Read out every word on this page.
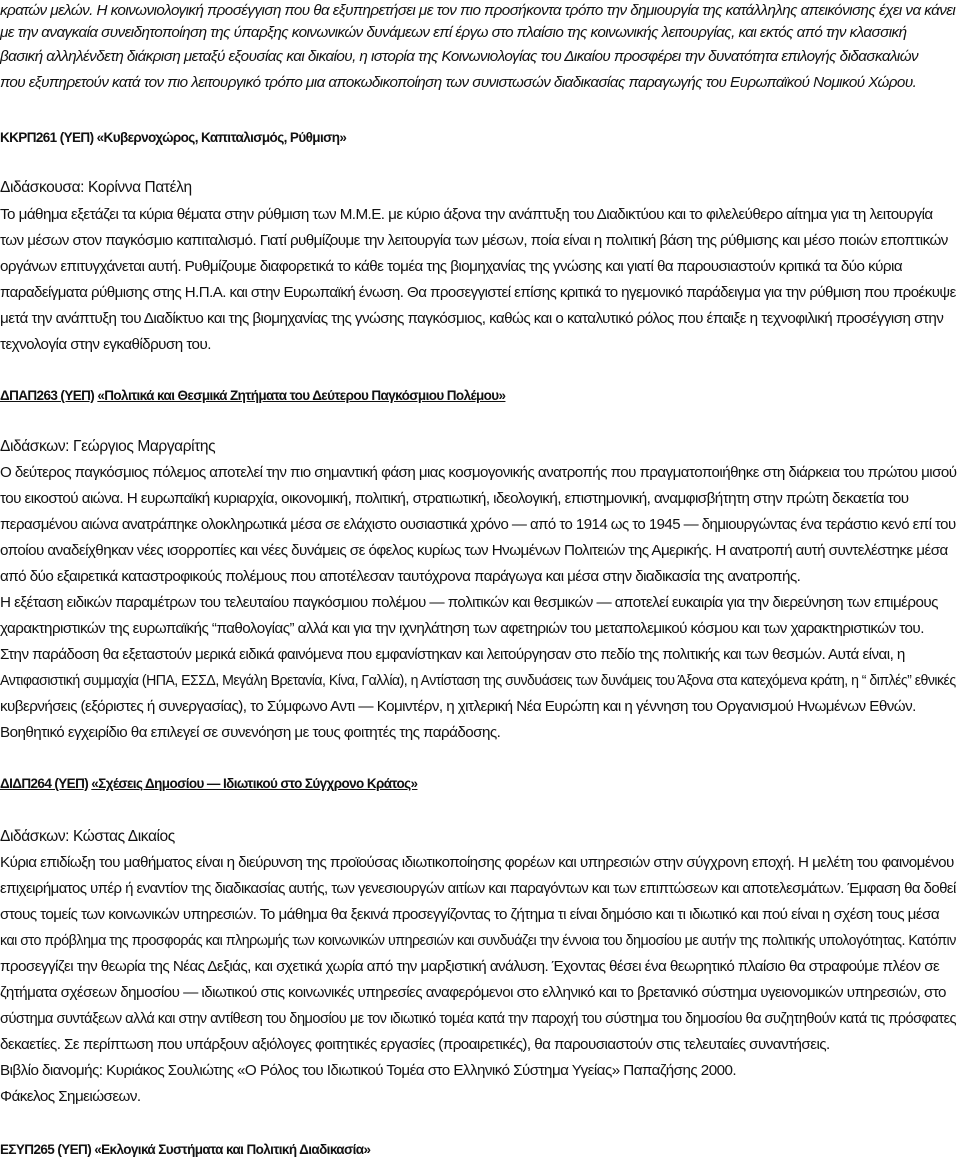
κρατών μελών. Η κοινωνιολογική προσέγγιση που θα εξυπηρετήσει με τον πιο προσήκοντα τρόπο την δημιουργία της κατάλληλης απεικόνισης έχει να κάνει
με την αναγκαία συνειδητοποίηση της ύπαρξης κοινωνικών δυνάμεων επί έργω στο πλαίσιο της κοινωνικής λειτουργίας, και εκτός από την κλασσική
βασική αλληλένδετη διάκριση μεταξύ εξουσίας και δικαίου, η ιστορία της Κοινωνιολογίας του Δικαίου προσφέρει την δυνατότητα επιλογής διδασκαλιών
που εξυπηρετούν κατά τον πιο λειτουργικό τρόπο μια αποκωδικοποίηση των συνιστωσών διαδικασίας παραγωγής του Ευρωπαϊκού Νομικού Χώρου.
ΚΚΡΠ261 (ΥΕΠ) «Κυβερνοχώρος, Καπιταλισμός, Ρύθμιση»
Διδάσκουσα: Κορίννα Πατέλη
Το μάθημα εξετάζει τα κύρια θέματα στην ρύθμιση των Μ.Μ.Ε. με κύριο άξονα την ανάπτυξη του Διαδικτύου και το φιλελεύθερο αίτημα για τη λειτουργία
των μέσων στον παγκόσμιο καπιταλισμό. Γιατί ρυθμίζουμε την λειτουργία των μέσων, ποία είναι η πολιτική βάση της ρύθμισης και μέσο ποιών εποπτικών
οργάνων επιτυγχάνεται αυτή. Ρυθμίζουμε διαφορετικά το κάθε τομέα της βιομηχανίας της γνώσης και γιατί θα παρουσιαστούν κριτικά τα δύο κύρια
παραδείγματα ρύθμισης στης Η.Π.Α. και στην Ευρωπαϊκή ένωση. Θα προσεγγιστεί επίσης κριτικά το ηγεμονικό παράδειγμα για την ρύθμιση που προέκυψε
μετά την ανάπτυξη του Διαδίκτυο και της βιομηχανίας της γνώσης παγκόσμιος, καθώς και ο καταλυτικό ρόλος που έπαιξε η τεχνοφιλική προσέγγιση στην
τεχνολογία στην εγκαθίδρυση του.
ΔΠΑΠ263 (ΥΕΠ) «Πολιτικά και Θεσμικά Ζητήματα του Δεύτερου Παγκόσμιου Πολέμου»
Διδάσκων: Γεώργιος Μαργαρίτης
Ο δεύτερος παγκόσμιος πόλεμος αποτελεί την πιο σημαντική φάση μιας κοσμογονικής ανατροπής που πραγματοποιήθηκε στη διάρκεια του πρώτου μισού
του εικοστού αιώνα. Η ευρωπαϊκή κυριαρχία, οικονομική, πολιτική, στρατιωτική, ιδεολογική, επιστημονική, αναμφισβήτητη στην πρώτη δεκαετία του
περασμένου αιώνα ανατράπηκε ολοκληρωτικά μέσα σε ελάχιστο ουσιαστικά χρόνο — από το 1914 ως το 1945 — δημιουργώντας ένα τεράστιο κενό επί του
οποίου αναδείχθηκαν νέες ισορροπίες και νέες δυνάμεις σε όφελος κυρίως των Ηνωμένων Πολιτειών της Αμερικής. Η ανατροπή αυτή συντελέστηκε μέσα
από δύο εξαιρετικά καταστροφικούς πολέμους που αποτέλεσαν ταυτόχρονα παράγωγα και μέσα στην διαδικασία της ανατροπής.
Η εξέταση ειδικών παραμέτρων του τελευταίου παγκόσμιου πολέμου — πολιτικών και θεσμικών — αποτελεί ευκαιρία για την διερεύνηση των επιμέρους
χαρακτηριστικών της ευρωπαϊκής “παθολογίας” αλλά και για την ιχνηλάτηση των αφετηριών του μεταπολεμικού κόσμου και των χαρακτηριστικών του.
Στην παράδοση θα εξεταστούν μερικά ειδικά φαινόμενα που εμφανίστηκαν και λειτούργησαν στο πεδίο της πολιτικής και των θεσμών. Αυτά είναι, η
Αντιφασιστική συμμαχία (ΗΠΑ, ΕΣΣΔ, Μεγάλη Βρετανία, Κίνα, Γαλλία), η Αντίσταση της συνδυάσεις των δυνάμεις του Άξονα στα κατεχόμενα κράτη, η “ διπλές” εθνικές
κυβερνήσεις (εξόριστες ή συνεργασίας), το Σύμφωνο Αντι — Κομιντέρν, η χιτλερική Νέα Ευρώπη και η γέννηση του Οργανισμού Ηνωμένων Εθνών.
Βοηθητικό εγχειρίδιο θα επιλεγεί σε συνενόηση με τους φοιτητές της παράδοσης.
ΔΙΔΠ264 (ΥΕΠ) «Σχέσεις Δημοσίου — Ιδιωτικού στο Σύγχρονο Κράτος»
Διδάσκων: Κώστας Δικαίος
Κύρια επιδίωξη του μαθήματος είναι η διεύρυνση της προϊούσας ιδιωτικοποίησης φορέων και υπηρεσιών στην σύγχρονη εποχή. Η μελέτη του φαινομένου
επιχειρήματος υπέρ ή εναντίον της διαδικασίας αυτής, των γενεσιουργών αιτίων και παραγόντων και των επιπτώσεων και αποτελεσμάτων. Έμφαση θα δοθεί
στους τομείς των κοινωνικών υπηρεσιών. Το μάθημα θα ξεκινά προσεγγίζοντας το ζήτημα τι είναι δημόσιο και τι ιδιωτικό και πού είναι η σχέση τους μέσα
και στο πρόβλημα της προσφοράς και πληρωμής των κοινωνικών υπηρεσιών και συνδυάζει την έννοια του δημοσίου με αυτήν της πολιτικής υπολογότητας. Κατόπιν
προσεγγίζει την θεωρία της Νέας Δεξιάς, και σχετικά χωρία από την μαρξιστική ανάλυση. Έχοντας θέσει ένα θεωρητικό πλαίσιο θα στραφούμε πλέον σε
ζητήματα σχέσεων δημοσίου — ιδιωτικού στις κοινωνικές υπηρεσίες αναφερόμενοι στο ελληνικό και το βρετανικό σύστημα υγειονομικών υπηρεσιών, στο
σύστημα συντάξεων αλλά και στην αντίθεση του δημοσίου με τον ιδιωτικό τομέα κατά την παροχή του σύστημα του δημοσίου θα συζητηθούν κατά τις πρόσφατες
δεκαετίες. Σε περίπτωση που υπάρξουν αξιόλογες φοιτητικές εργασίες (προαιρετικές), θα παρουσιαστούν στις τελευταίες συναντήσεις.
Βιβλίο διανομής: Κυριάκος Σουλιώτης «Ο Ρόλος του Ιδιωτικού Τομέα στο Ελληνικό Σύστημα Υγείας» Παπαζήσης 2000.
Φάκελος Σημειώσεων.
ΕΣΥΠ265 (ΥΕΠ) «Εκλογικά Συστήματα και Πολιτική Διαδικασία»
